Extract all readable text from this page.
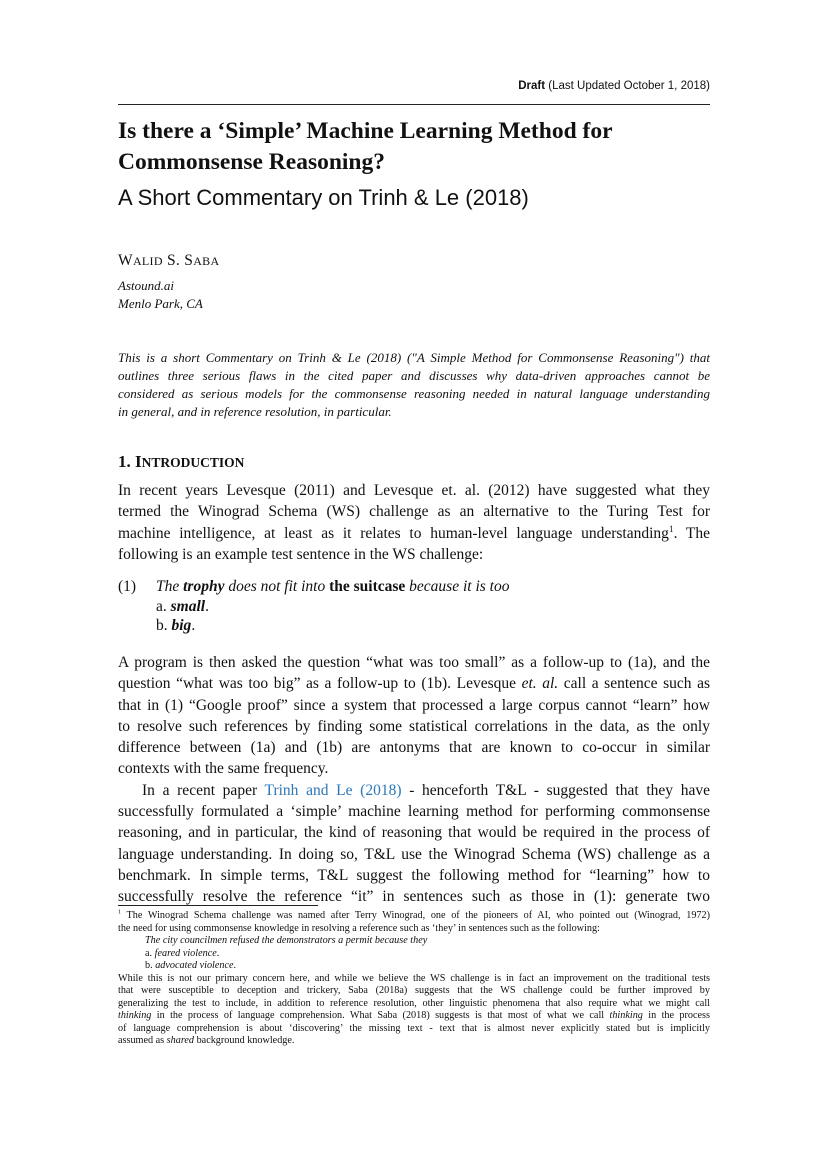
Draft (Last Updated October 1, 2018)
Is there a ‘Simple’ Machine Learning Method for
Commonsense Reasoning?
A Short Commentary on Trinh & Le (2018)
WALID S. SABA
Astound.ai
Menlo Park, CA
This is a short Commentary on Trinh & Le (2018) ("A Simple Method for Commonsense Reasoning") that
outlines three serious flaws in the cited paper and discusses why data-driven approaches cannot be
considered as serious models for the commonsense reasoning needed in natural language understanding
in general, and in reference resolution, in particular.
1. INTRODUCTION
In recent years Levesque (2011) and Levesque et. al. (2012) have suggested what they
termed the Winograd Schema (WS) challenge as an alternative to the Turing Test for
machine intelligence, at least as it relates to human-level language understanding$^1$. The
following is an example test sentence in the WS challenge:
(1) The trophy does not fit into the suitcase because it is too
a. small.
b. big.
A program is then asked the question “what was too small” as a follow-up to (1a), and the
question “what was too big” as a follow-up to (1b). Levesque et. al. call a sentence such as
that in (1) “Google proof” since a system that processed a large corpus cannot “learn” how
to resolve such references by finding some statistical correlations in the data, as the only
difference between (1a) and (1b) are antonyms that are known to co-occur in similar
contexts with the same frequency.
In a recent paper Trinh and Le (2018) - henceforth T&L - suggested that they have
successfully formulated a ‘simple’ machine learning method for performing commonsense
reasoning, and in particular, the kind of reasoning that would be required in the process of
language understanding. In doing so, T&L use the Winograd Schema (WS) challenge as a
benchmark. In simple terms, T&L suggest the following method for “learning” how to
successfully resolve the reference “it” in sentences such as those in (1): generate two
$^1$ The Winograd Schema challenge was named after Terry Winograd, one of the pioneers of AI, who pointed out (Winograd, 1972)
the need for using commonsense knowledge in resolving a reference such as ‘they’ in sentences such as the following:
The city councilmen refused the demonstrators a permit because they
a. feared violence.
b. advocated violence.
While this is not our primary concern here, and while we believe the WS challenge is in fact an improvement on the traditional tests
that were susceptible to deception and trickery, Saba (2018a) suggests that the WS challenge could be further improved by
generalizing the test to include, in addition to reference resolution, other linguistic phenomena that also require what we might call
thinking in the process of language comprehension. What Saba (2018) suggests is that most of what we call thinking in the process
of language comprehension is about ‘discovering’ the missing text - text that is almost never explicitly stated but is implicitly
assumed as shared background knowledge.
